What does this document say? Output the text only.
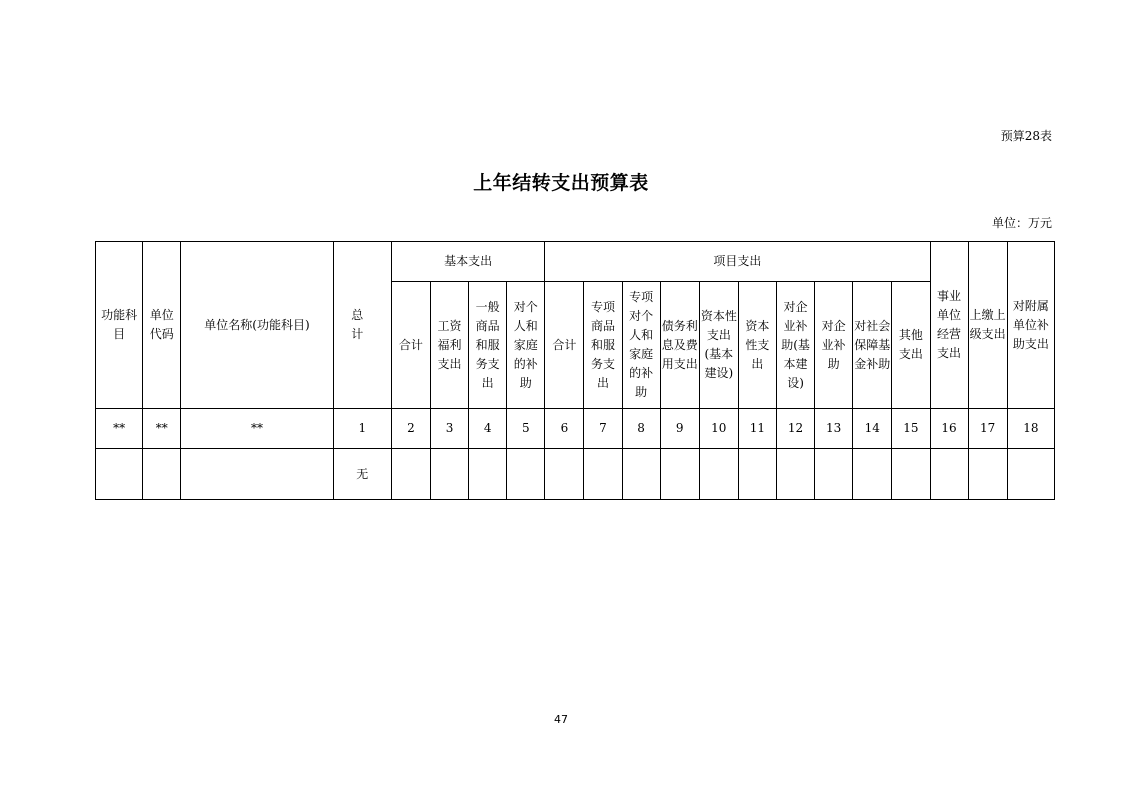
预算28表
上年结转支出预算表
单位：万元
功能科目	单位代码	单位名称(功能科目)	总 计	基本支出				项目支出										事业单位经营支出	上缴上级支出	对附属单位补助支出
				合计	工资福利支出	一般商品和服务支出	对个人和家庭的补助	合计	专项商品和服务支出	专项对个人和家庭的补助	债务利息及费用支出	资本性支出(基本建设)	资本性支出	对企业补助(基本建设)	对企业补助	对社会保障基金补助	其他支出			
**	**	**	1	2	3	4	5	6	7	8	9	10	11	12	13	14	15	16	17	18
			无																	
47
